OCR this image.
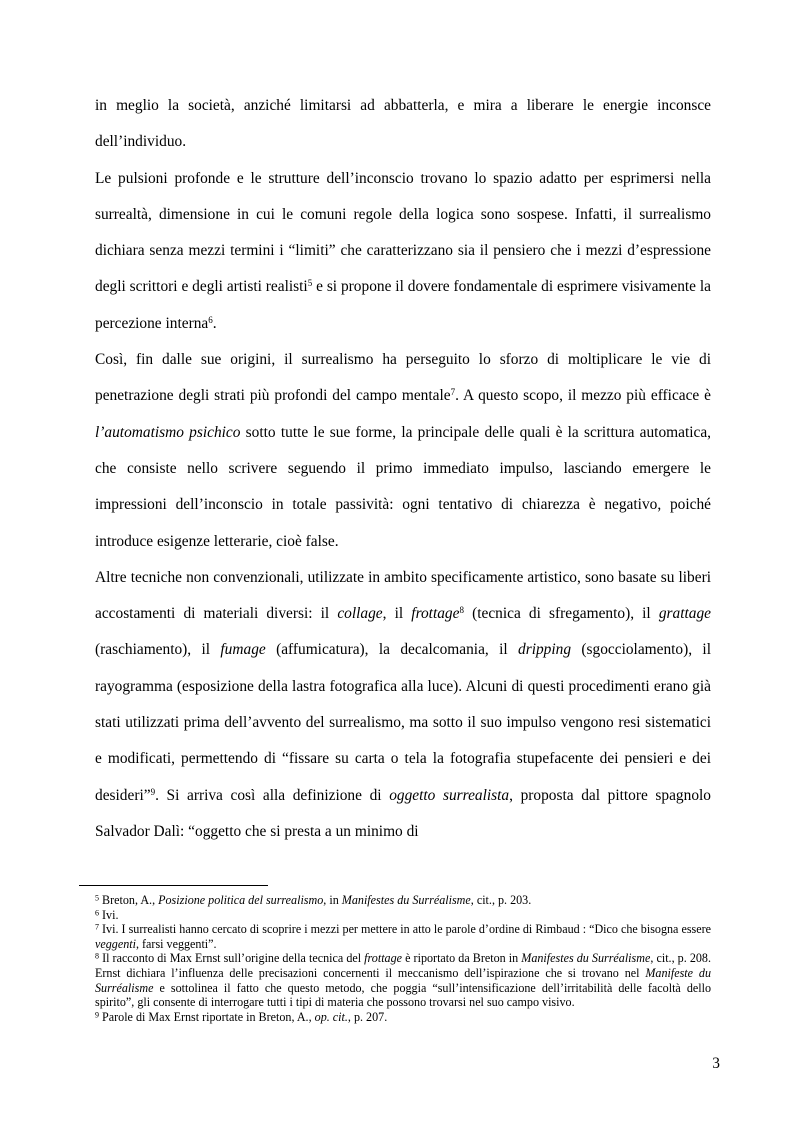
in meglio la società, anziché limitarsi ad abbatterla, e mira a liberare le energie inconsce dell’individuo.

Le pulsioni profonde e le strutture dell’inconscio trovano lo spazio adatto per esprimersi nella surrealtà, dimensione in cui le comuni regole della logica sono sospese. Infatti, il surrealismo dichiara senza mezzi termini i “limiti” che caratterizzano sia il pensiero che i mezzi d’espressione degli scrittori e degli artisti realisti$^5$ e si propone il dovere fondamentale di esprimere visivamente la percezione interna$^6$.

Così, fin dalle sue origini, il surrealismo ha perseguito lo sforzo di moltiplicare le vie di penetrazione degli strati più profondi del campo mentale$^7$. A questo scopo, il mezzo più efficace è l’automatismo psichico sotto tutte le sue forme, la principale delle quali è la scrittura automatica, che consiste nello scrivere seguendo il primo immediato impulso, lasciando emergere le impressioni dell’inconscio in totale passività: ogni tentativo di chiarezza è negativo, poiché introduce esigenze letterarie, cioè false.

Altre tecniche non convenzionali, utilizzate in ambito specificamente artistico, sono basate su liberi accostamenti di materiali diversi: il collage, il frottage$^8$ (tecnica di sfregamento), il grattage (raschiamento), il fumage (affumicatura), la decalcomania, il dripping (sgocciolamento), il rayogramma (esposizione della lastra fotografica alla luce). Alcuni di questi procedimenti erano già stati utilizzati prima dell’avvento del surrealismo, ma sotto il suo impulso vengono resi sistematici e modificati, permettendo di “fissare su carta o tela la fotografia stupefacente dei pensieri e dei desideri”$^9$. Si arriva così alla definizione di oggetto surrealista, proposta dal pittore spagnolo Salvador Dalì: “oggetto che si presta a un minimo di

$^5$ Breton, A., Posizione politica del surrealismo, in Manifestes du Surréalisme, cit., p. 203.

$^6$ Ivi.

$^7$ Ivi. I surrealisti hanno cercato di scoprire i mezzi per mettere in atto le parole d’ordine di Rimbaud : “Dico che bisogna essere veggenti, farsi veggenti”.

$^8$ Il racconto di Max Ernst sull’origine della tecnica del frottage è riportato da Breton in Manifestes du Surréalisme, cit., p. 208. Ernst dichiara l’influenza delle precisazioni concernenti il meccanismo dell’ispirazione che si trovano nel Manifeste du Surréalisme e sottolinea il fatto che questo metodo, che poggia “sull’intensificazione dell’irritabilità delle facoltà dello spirito”, gli consente di interrogare tutti i tipi di materia che possono trovarsi nel suo campo visivo.

$^9$ Parole di Max Ernst riportate in Breton, A., op. cit., p. 207.

3
